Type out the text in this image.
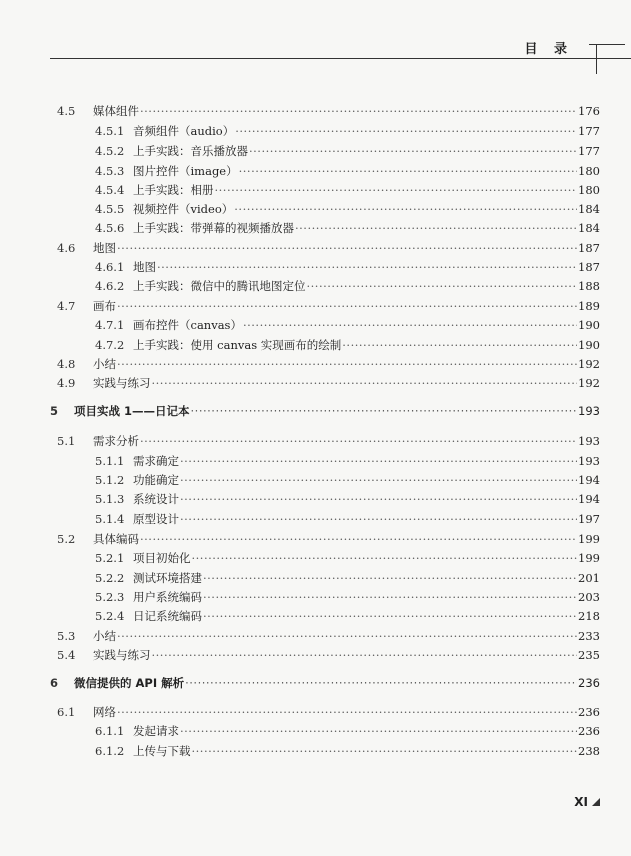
目 录
4.5	媒体组件 ·····	176
4.5.1 音频组件（audio） ·····	177
4.5.2 上手实践：音乐播放器 ·····	177
4.5.3 图片控件（image） ·····	180
4.5.4 上手实践：相册 ·····	180
4.5.5 视频控件（video） ·····	184
4.5.6 上手实践：带弹幕的视频播放器 ·····	184
4.6	地图 ·····	187
4.6.1 地图 ·····	187
4.6.2 上手实践：微信中的腾讯地图定位 ·····	188
4.7	画布 ·····	189
4.7.1 画布控件（canvas） ·····	190
4.7.2 上手实践：使用 canvas 实现画布的绘制 ·····	190
4.8	小结 ·····	192
4.9	实践与练习 ·····	192
5	项目实战 1——日记本 ·····	193
5.1	需求分析 ·····	193
5.1.1 需求确定 ·····	193
5.1.2 功能确定 ·····	194
5.1.3 系统设计 ·····	194
5.1.4 原型设计 ·····	197
5.2	具体编码 ·····	199
5.2.1 项目初始化 ·····	199
5.2.2 测试环境搭建 ·····	201
5.2.3 用户系统编码 ·····	203
5.2.4 日记系统编码 ·····	218
5.3	小结 ·····	233
5.4	实践与练习 ·····	235
6	微信提供的 API 解析 ·····	236
6.1	网络 ·····	236
6.1.1 发起请求 ·····	236
6.1.2 上传与下载 ·····	238
XI
